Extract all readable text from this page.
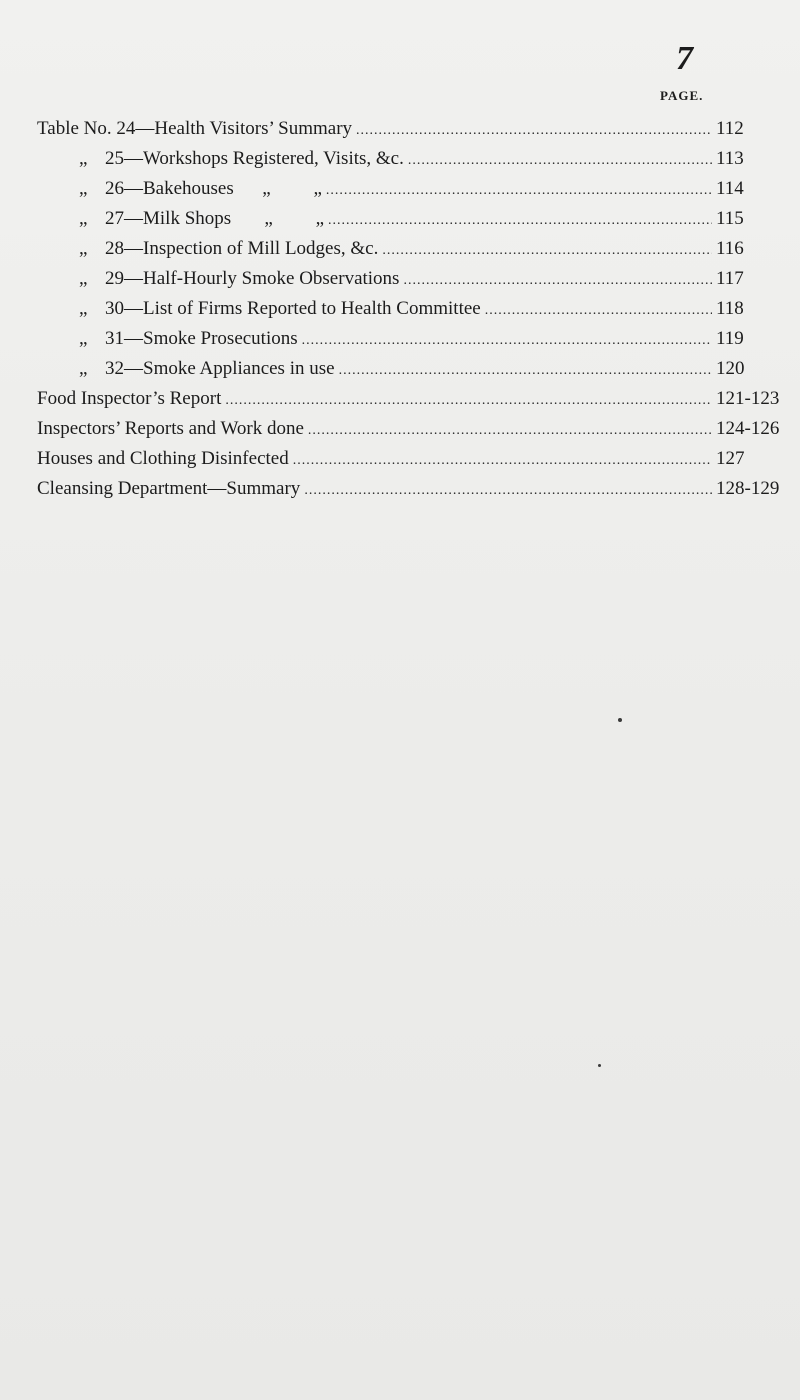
7
PAGE.
Table No. 24—Health Visitors’ Summary .....	112
„ 25—Workshops Registered, Visits, &c. .....	113
„ 26—Bakehouses      „         „ .....	114
„ 27—Milk Shops       „         „ .....	115
„ 28—Inspection of Mill Lodges, &c. .....	116
„ 29—Half-Hourly Smoke Observations .....	117
„ 30—List of Firms Reported to Health Committee .....	118
„ 31—Smoke Prosecutions .....	119
„ 32—Smoke Appliances in use .....	120
Food Inspector’s Report .....	121-123
Inspectors’ Reports and Work done .....	124-126
Houses and Clothing Disinfected .....	127
Cleansing Department—Summary .....	128-129
